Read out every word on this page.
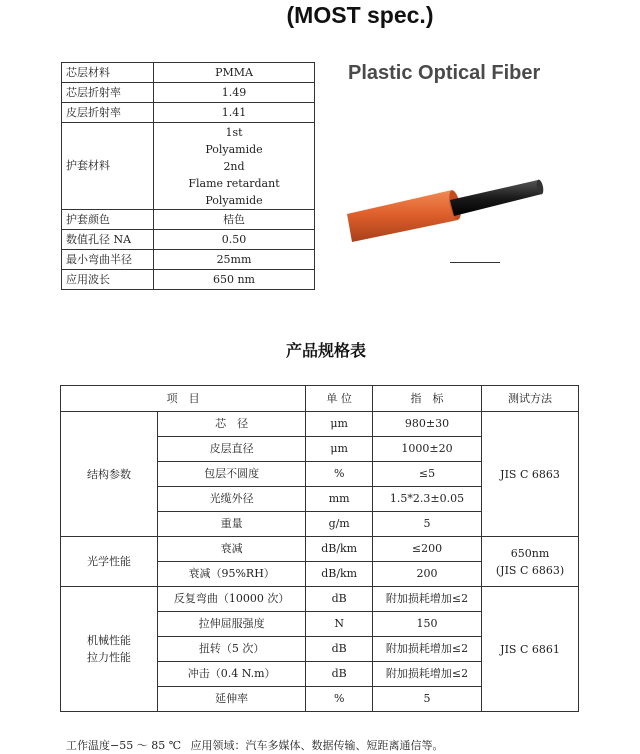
(MOST spec.)
芯层材料	PMMA

芯层折射率	1.49

皮层折射率	1.41

护套材料	1st
Polyamide
2nd
Flame retardant
Polyamide

护套颜色	桔色

数值孔径 NA	0.50

最小弯曲半径	25mm

应用波长	650 nm
Plastic Optical Fiber
产品规格表
项　目		单 位	指　标	测试方法
结构参数	芯　径	μm	980±30	JIS C 6863
	皮层直径	μm	1000±20	
	包层不圆度	%	≤5	
	光缆外径	mm	1.5*2.3±0.05	
	重量	g/m	5	
光学性能	衰减	dB/km	≤200	650nm
(JIS C 6863)
	衰减（95%RH）	dB/km	200	
机械性能
拉力性能	反复弯曲（10000 次）	dB	附加损耗增加≤2	JIS C 6861
	拉伸屈服强度	N	150	
	扭转（5 次）	dB	附加损耗增加≤2	
	冲击（0.4 N.m）	dB	附加损耗增加≤2	
	延伸率	%	5	
工作温度−55 ～ 85 ℃ 应用领域：汽车多媒体、数据传输、短距离通信等。
